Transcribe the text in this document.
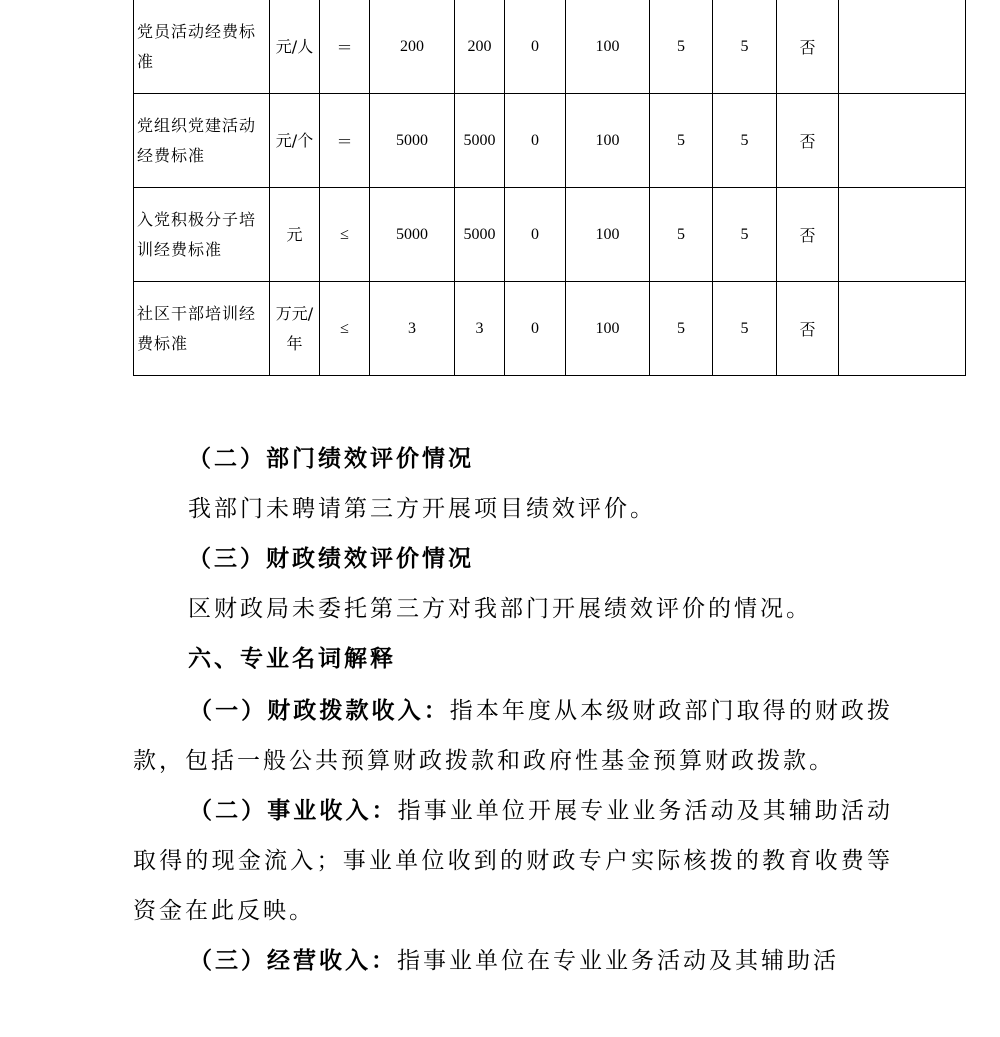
党员活动经费标准	元/人	＝	200	200	0	100	5	5	否	
党组织党建活动经费标准	元/个	＝	5000	5000	0	100	5	5	否	
入党积极分子培训经费标准	元	≤	5000	5000	0	100	5	5	否	
社区干部培训经费标准	万元/年	≤	3	3	0	100	5	5	否	
（二）部门绩效评价情况
我部门未聘请第三方开展项目绩效评价。
（三）财政绩效评价情况
区财政局未委托第三方对我部门开展绩效评价的情况。
六、专业名词解释
（一）财政拨款收入：指本年度从本级财政部门取得的财政拨款，包括一般公共预算财政拨款和政府性基金预算财政拨款。
（二）事业收入：指事业单位开展专业业务活动及其辅助活动取得的现金流入；事业单位收到的财政专户实际核拨的教育收费等资金在此反映。
（三）经营收入：指事业单位在专业业务活动及其辅助活
